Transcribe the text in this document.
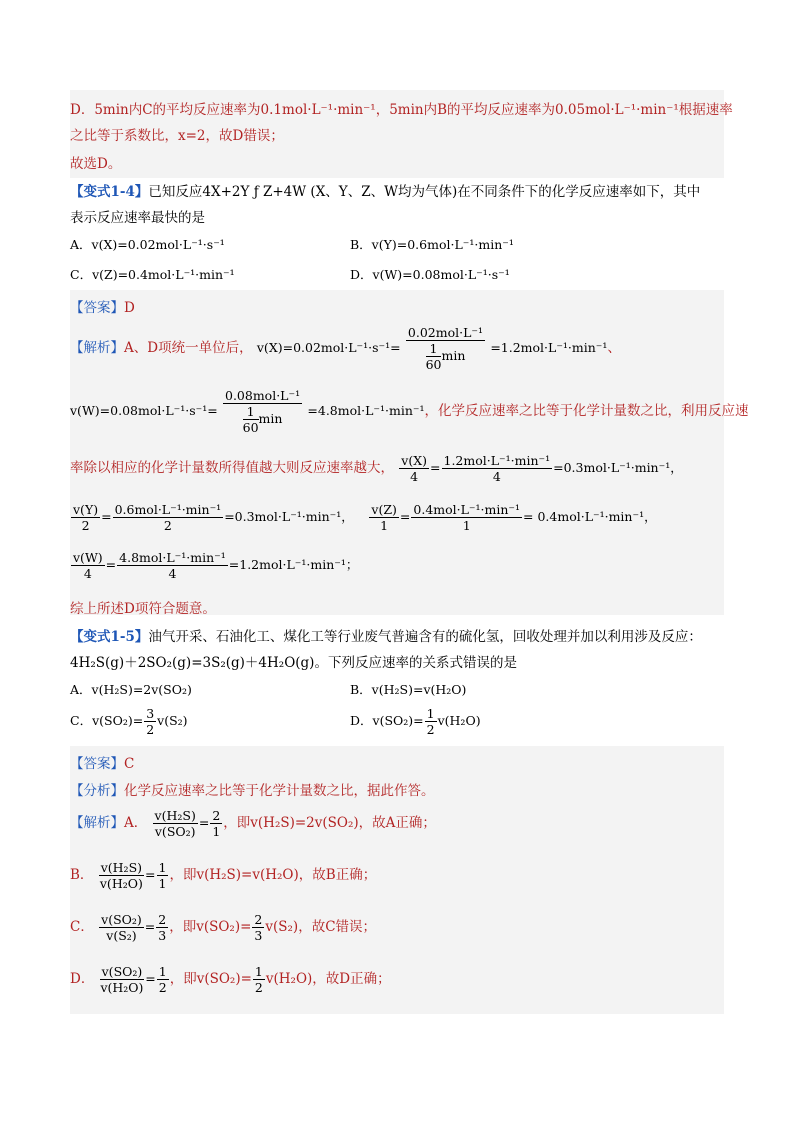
D．5min内C的平均反应速率为0.1mol·L⁻¹·min⁻¹，5min内B的平均反应速率为0.05mol·L⁻¹·min⁻¹根据速率
之比等于系数比，x=2，故D错误；
故选D。
【变式1-4】已知反应4X+2Y ƒ Z+4W (X、Y、Z、W均为气体)在不同条件下的化学反应速率如下，其中
表示反应速率最快的是
A．v(X)=0.02mol·L⁻¹·s⁻¹	B．v(Y)=0.6mol·L⁻¹·min⁻¹
C．v(Z)=0.4mol·L⁻¹·min⁻¹	D．v(W)=0.08mol·L⁻¹·s⁻¹
【答案】D
【解析】A、D项统一单位后， v(X)=0.02mol·L⁻¹·s⁻¹=
0.02mol·L⁻¹
$\frac{1}{60}$ min
=1.2mol·L⁻¹·min⁻¹、
v(W)=0.08mol·L⁻¹·s⁻¹=
0.08mol·L⁻¹
$\frac{1}{60}$ min
=4.8mol·L⁻¹·min⁻¹，化学反应速率之比等于化学计量数之比，利用反应速
率除以相应的化学计量数所得值越大则反应速率越大， $\frac{v(X)}{4} = 1.2mol\cdot L^{-1}\cdot\min^{-1}$
4
=0.3mol·L⁻¹·min⁻¹，
$\frac{v(Y)}{2} = 0.6mol\cdot L^{-1}\cdot\min^{-1}$
2
=0.3mol·L⁻¹·min⁻¹， $\frac{v(Z)}{1} = 0.4mol\cdot L^{-1}\cdot\min^{-1}$
1
= 0.4mol·L⁻¹·min⁻¹，
$\frac{v(W)}{4} = 4.8mol\cdot L^{-1}\cdot\min^{-1}$
4
=1.2mol·L⁻¹·min⁻¹；
综上所述D项符合题意。
【变式1-5】油气开采、石油化工、煤化工等行业废气普遍含有的硫化氢，回收处理并加以利用涉及反应：
4H₂S(g)＋2SO₂(g)=3S₂(g)＋4H₂O(g)。下列反应速率的关系式错误的是
A．v(H₂S)=2v(SO₂)	B．v(H₂S)=v(H₂O)
C．$v(SO_2)= \frac{3}{2} v(S_2)$	D．$v(SO_2)= \frac{1}{2} v(H_2O)$
【答案】C
【分析】化学反应速率之比等于化学计量数之比，据此作答。
【解析】A． $\frac{\text{v(H₂S)}}{\text{v(SO₂)}} = \frac{2}{1}$ ，即v(H₂S)=2v(SO₂)，故A正确；
B． $\frac{\text{v(H₂S)}}{\text{v(H₂O)}} = \frac{1}{1}$ ，即v(H₂S)=v(H₂O)，故B正确；
C． $\frac{\text{v(SO₂)}}{\text{v(S₂)}} = \frac{2}{3}$ ，即$v(SO_2)= \frac{2}{3} v(S_2)$，故C错误；
D． $\frac{\text{v(SO₂)}}{\text{v(H₂O)}} = \frac{1}{2}$ ，即$v(SO_2)= \frac{1}{2} v(H_2O)$，故D正确；
